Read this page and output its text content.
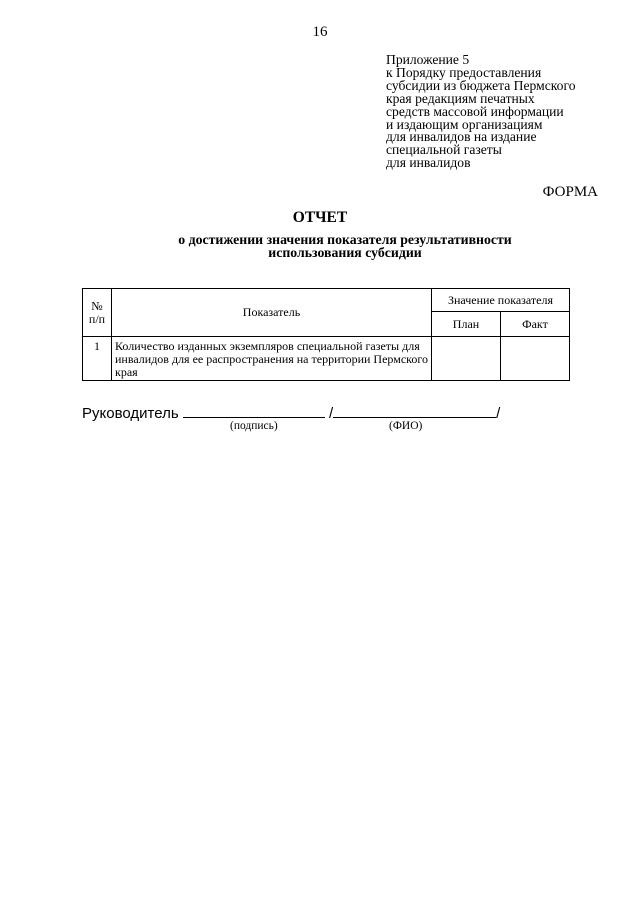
16
Приложение 5
к Порядку предоставления
субсидии из бюджета Пермского
края редакциям печатных
средств массовой информации
и издающим организациям
для инвалидов на издание
специальной газеты
для инвалидов
ФОРМА
ОТЧЕТ
о достижении значения показателя результативности
использования субсидии
№ п/п	Показатель	Значение показателя	
		План	Факт
1	Количество изданных экземпляров специальной газеты для инвалидов для ее распространения на территории Пермского края		
Руководитель	/	/
(подпись)	(ФИО)
